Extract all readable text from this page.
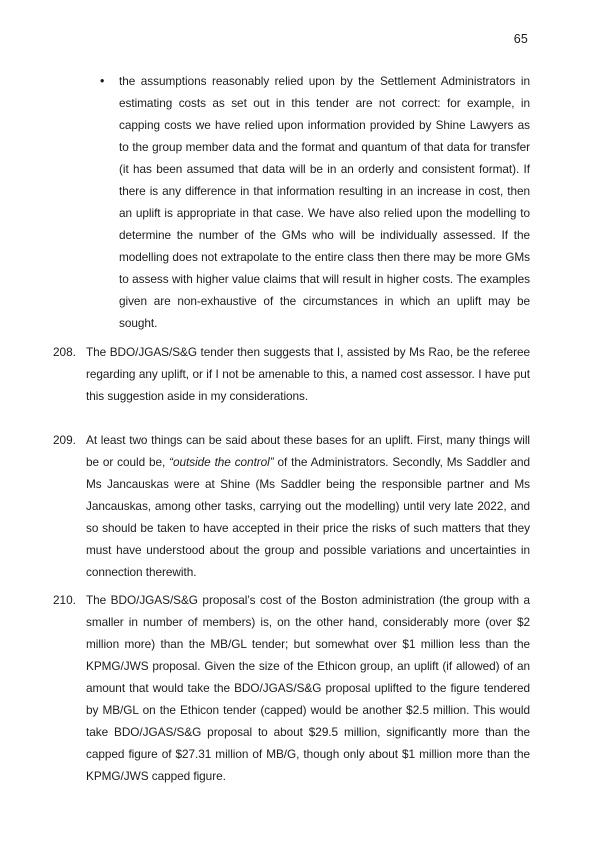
65
• the assumptions reasonably relied upon by the Settlement Administrators in estimating costs as set out in this tender are not correct: for example, in capping costs we have relied upon information provided by Shine Lawyers as to the group member data and the format and quantum of that data for transfer (it has been assumed that data will be in an orderly and consistent format). If there is any difference in that information resulting in an increase in cost, then an uplift is appropriate in that case. We have also relied upon the modelling to determine the number of the GMs who will be individually assessed. If the modelling does not extrapolate to the entire class then there may be more GMs to assess with higher value claims that will result in higher costs. The examples given are non-exhaustive of the circumstances in which an uplift may be sought.
208. The BDO/JGAS/S&G tender then suggests that I, assisted by Ms Rao, be the referee regarding any uplift, or if I not be amenable to this, a named cost assessor. I have put this suggestion aside in my considerations.
209. At least two things can be said about these bases for an uplift. First, many things will be or could be, “outside the control” of the Administrators. Secondly, Ms Saddler and Ms Jancauskas were at Shine (Ms Saddler being the responsible partner and Ms Jancauskas, among other tasks, carrying out the modelling) until very late 2022, and so should be taken to have accepted in their price the risks of such matters that they must have understood about the group and possible variations and uncertainties in connection therewith.
210. The BDO/JGAS/S&G proposal’s cost of the Boston administration (the group with a smaller in number of members) is, on the other hand, considerably more (over $2 million more) than the MB/GL tender; but somewhat over $1 million less than the KPMG/JWS proposal. Given the size of the Ethicon group, an uplift (if allowed) of an amount that would take the BDO/JGAS/S&G proposal uplifted to the figure tendered by MB/GL on the Ethicon tender (capped) would be another $2.5 million. This would take BDO/JGAS/S&G proposal to about $29.5 million, significantly more than the capped figure of $27.31 million of MB/G, though only about $1 million more than the KPMG/JWS capped figure.
